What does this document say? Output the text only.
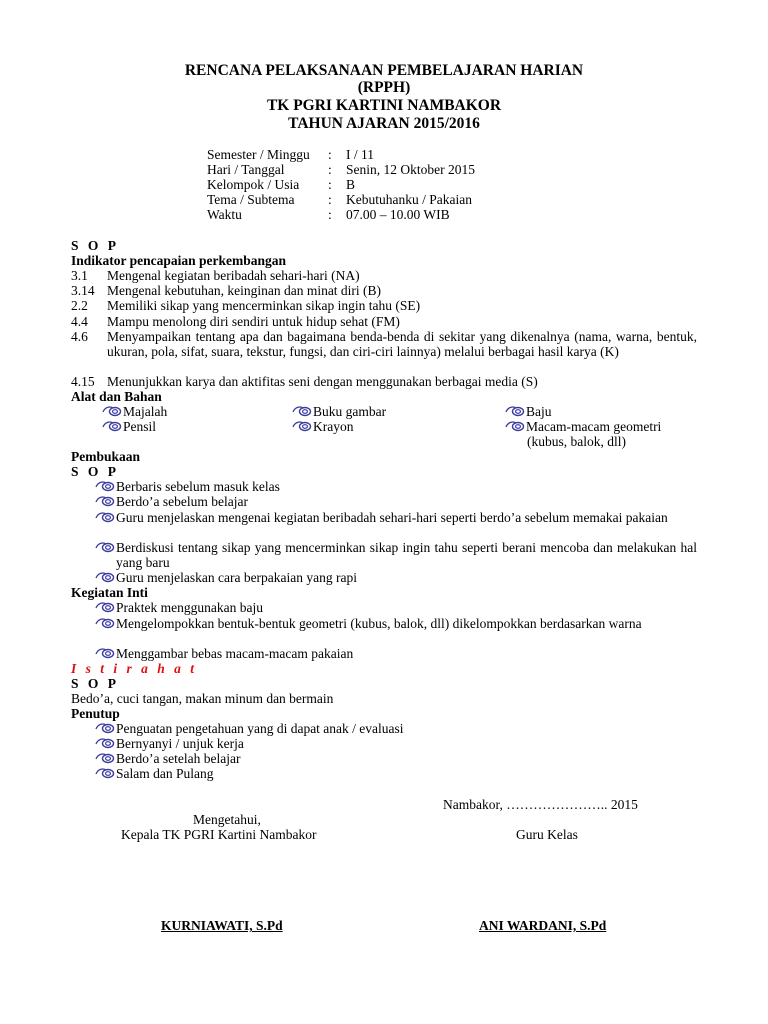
RENCANA PELAKSANAAN PEMBELAJARAN HARIAN
(RPPH)
TK PGRI KARTINI NAMBAKOR
TAHUN AJARAN 2015/2016
Semester / Minggu : I / 11
Hari / Tanggal	: Senin, 12 Oktober 2015
Kelompok / Usia : B
Tema / Subtema : Kebutuhanku / Pakaian
Waktu	: 07.00 – 10.00 WIB
S O P
Indikator pencapaian perkembangan
3.1 Mengenal kegiatan beribadah sehari-hari (NA)
3.14 Mengenal kebutuhan, keinginan dan minat diri (B)
2.2 Memiliki sikap yang mencerminkan sikap ingin tahu (SE)
4.4 Mampu menolong diri sendiri untuk hidup sehat (FM)
4.6 Menyampaikan tentang apa dan bagaimana benda-benda di sekitar yang dikenalnya (nama, warna, bentuk, ukuran, pola, sifat, suara, tekstur, fungsi, dan ciri-ciri lainnya) melalui berbagai hasil karya (K)
4.15 Menunjukkan karya dan aktifitas seni dengan menggunakan berbagai media (S)
Alat dan Bahan
Majalah	Buku gambar	Baju
Pensil	Krayon	Macam-macam geometri
(kubus, balok, dll)
Pembukaan
S O P
Berbaris sebelum masuk kelas
Berdo’a sebelum belajar
Guru menjelaskan mengenai kegiatan beribadah sehari-hari seperti berdo’a sebelum memakai pakaian
Berdiskusi tentang sikap yang mencerminkan sikap ingin tahu seperti berani mencoba dan melakukan hal yang baru
Guru menjelaskan cara berpakaian yang rapi
Kegiatan Inti
Praktek menggunakan baju
Mengelompokkan bentuk-bentuk geometri (kubus, balok, dll) dikelompokkan berdasarkan warna
Menggambar bebas macam-macam pakaian
I s t i r a h a t
S O P
Bedo’a, cuci tangan, makan minum dan bermain
Penutup
Penguatan pengetahuan yang di dapat anak / evaluasi
Bernyanyi / unjuk kerja
Berdo’a setelah belajar
Salam dan Pulang
Nambakor, ………………….. 2015
Mengetahui,
Kepala TK PGRI Kartini Nambakor	Guru Kelas
KURNIAWATI, S.Pd	ANI WARDANI, S.Pd
